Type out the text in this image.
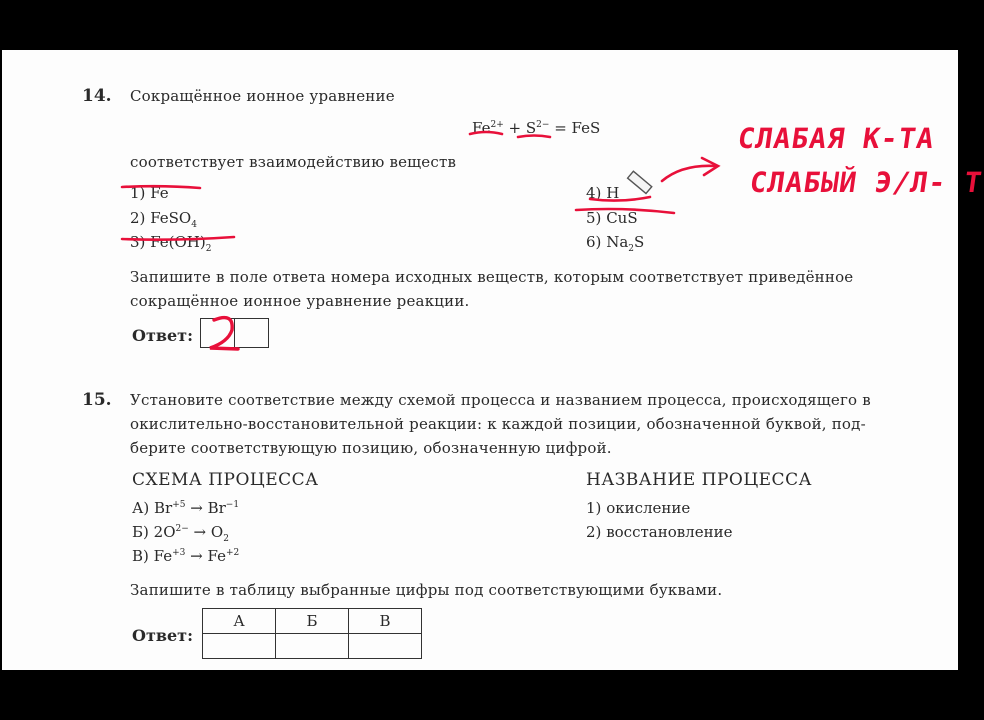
14. Сокращённое ионное уравнение
$Fe^{2+} + S^{2-}$ = FeS
соответствует взаимодействию веществ
1) Fe
2) FeSO$_4$
3) $Fe(OH)_2$
4) H
5) CuS
6) $Na_2S$
Запишите в поле ответа номера исходных веществ, которым соответствует приведённое
сокращённое ионное уравнение реакции.
Ответ:
15. Установите соответствие между схемой процесса и названием процесса, происходящего в
окислительно-восстановительной реакции: к каждой позиции, обозначенной буквой, под-
берите соответствующую позицию, обозначенную цифрой.
СХЕМА ПРОЦЕССА	НАЗВАНИЕ ПРОЦЕССА
А) $Br^{+5} \to Br^{-1}$
Б) $2O^{2-} \to O_2$
В) $Fe^{+3} \to Fe^{+2}$
1) окисление
2) восстановление
Запишите в таблицу выбранные цифры под соответствующими буквами.
Ответ:
А	Б	В

СЛАБАЯ К-ТА
СЛАБЫЙ Э/Л- Т
